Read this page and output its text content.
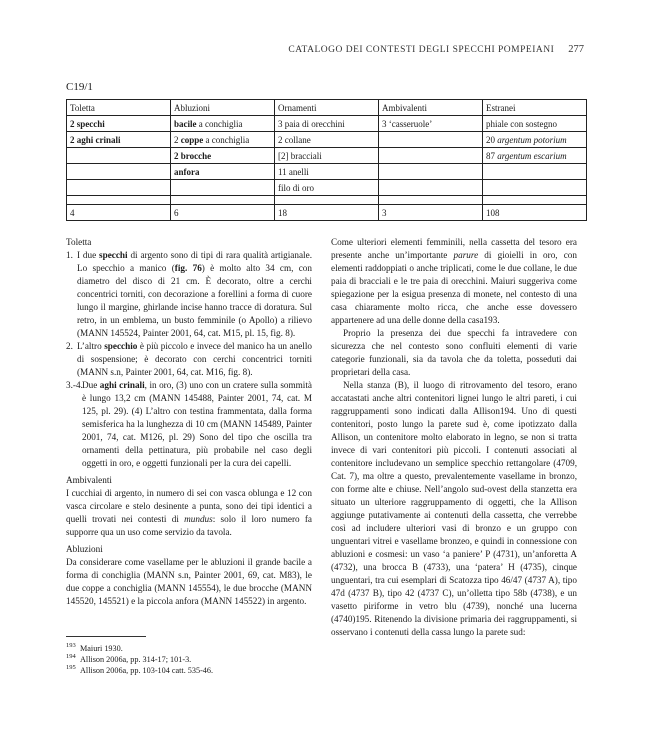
CATALOGO DEI CONTESTI DEGLI SPECCHI POMPEIANI 277
C19/1
Toletta	Abluzioni	Ornamenti	Ambivalenti	Estranei
2 specchi	bacile a conchiglia	3 paia di orecchini	3 ‘casseruole’	phiale con sostegno
2 aghi crinali	2 coppe a conchiglia	2 collane		20 argentum potorium
	2 brocche	[2] bracciali		87 argentum escarium
	anfora	11 anelli		
		filo di oro		

4	6	18	3	108

Toletta

1. I due specchi di argento sono di tipi di rara qualità artigianale. Lo specchio a manico (fig. 76) è molto alto 34 cm, con diametro del disco di 21 cm. È decorato, oltre a cerchi concentrici torniti, con decorazione a forellini a forma di cuore lungo il margine, ghirlande incise hanno tracce di doratura. Sul retro, in un emblema, un busto femminile (o Apollo) a rilievo (MANN 145524, Painter 2001, 64, cat. M15, pl. 15, fig. 8).
2. L’altro specchio è più piccolo e invece del manico ha un anello di sospensione; è decorato con cerchi concentrici torniti (MANN s.n, Painter 2001, 64, cat. M16, fig. 8).
3.-4. Due aghi crinali, in oro, (3) uno con un cratere sulla sommità è lungo 13,2 cm (MANN 145488, Painter 2001, 74, cat. M 125, pl. 29). (4) L’altro con testina frammentata, dalla forma semisferica ha la lunghezza di 10 cm (MANN 145489, Painter 2001, 74, cat. M126, pl. 29) Sono del tipo che oscilla tra ornamenti della pettinatura, più probabile nel caso degli oggetti in oro, e oggetti funzionali per la cura dei capelli.

Ambivalenti

I cucchiai di argento, in numero di sei con vasca oblunga e 12 con vasca circolare e stelo desinente a punta, sono dei tipi identici a quelli trovati nei contesti di mundus: solo il loro numero fa supporre qua un uso come servizio da tavola.

Abluzioni

Da considerare come vasellame per le abluzioni il grande bacile a forma di conchiglia (MANN s.n, Painter 2001, 69, cat. M83), le due coppe a conchiglia (MANN 145554), le due brocche (MANN 145520, 145521) e la piccola anfora (MANN 145522) in argento.

Come ulteriori elementi femminili, nella cassetta del tesoro era presente anche un’importante parure di gioielli in oro, con elementi raddoppiati o anche triplicati, come le due collane, le due paia di bracciali e le tre paia di orecchini. Maiuri suggeriva come spiegazione per la esigua presenza di monete, nel contesto di una casa chiaramente molto ricca, che anche esse dovessero appartenere ad una delle donne della casa193.

Proprio la presenza dei due specchi fa intravedere con sicurezza che nel contesto sono confluiti elementi di varie categorie funzionali, sia da tavola che da toletta, posseduti dai proprietari della casa.

Nella stanza (B), il luogo di ritrovamento del tesoro, erano accatastati anche altri contenitori lignei lungo le altri pareti, i cui raggruppamenti sono indicati dalla Allison194. Uno di questi contenitori, posto lungo la parete sud è, come ipotizzato dalla Allison, un contenitore molto elaborato in legno, se non si tratta invece di vari contenitori più piccoli. I contenuti associati al contenitore includevano un semplice specchio rettangolare (4709, Cat. 7), ma oltre a questo, prevalentemente vasellame in bronzo, con forme alte e chiuse. Nell’angolo sud-ovest della stanzetta era situato un ulteriore raggruppamento di oggetti, che la Allison aggiunge putativamente ai contenuti della cassetta, che verrebbe così ad includere ulteriori vasi di bronzo e un gruppo con unguentari vitrei e vasellame bronzeo, e quindi in connessione con abluzioni e cosmesi: un vaso ‘a paniere’ P (4731), un’anforetta A (4732), una brocca B (4733), una ‘patera’ H (4735), cinque unguentari, tra cui esemplari di Scatozza tipo 46/47 (4737 A), tipo 47d (4737 B), tipo 42 (4737 C), un’olletta tipo 58b (4738), e un vasetto piriforme in vetro blu (4739), nonché una lucerna (4740)195. Ritenendo la divisione primaria dei raggruppamenti, si osservano i contenuti della cassa lungo la parete sud:

193 Maiuri 1930.
194 Allison 2006a, pp. 314-17; 101-3.
195 Allison 2006a, pp. 103-104 catt. 535-46.
